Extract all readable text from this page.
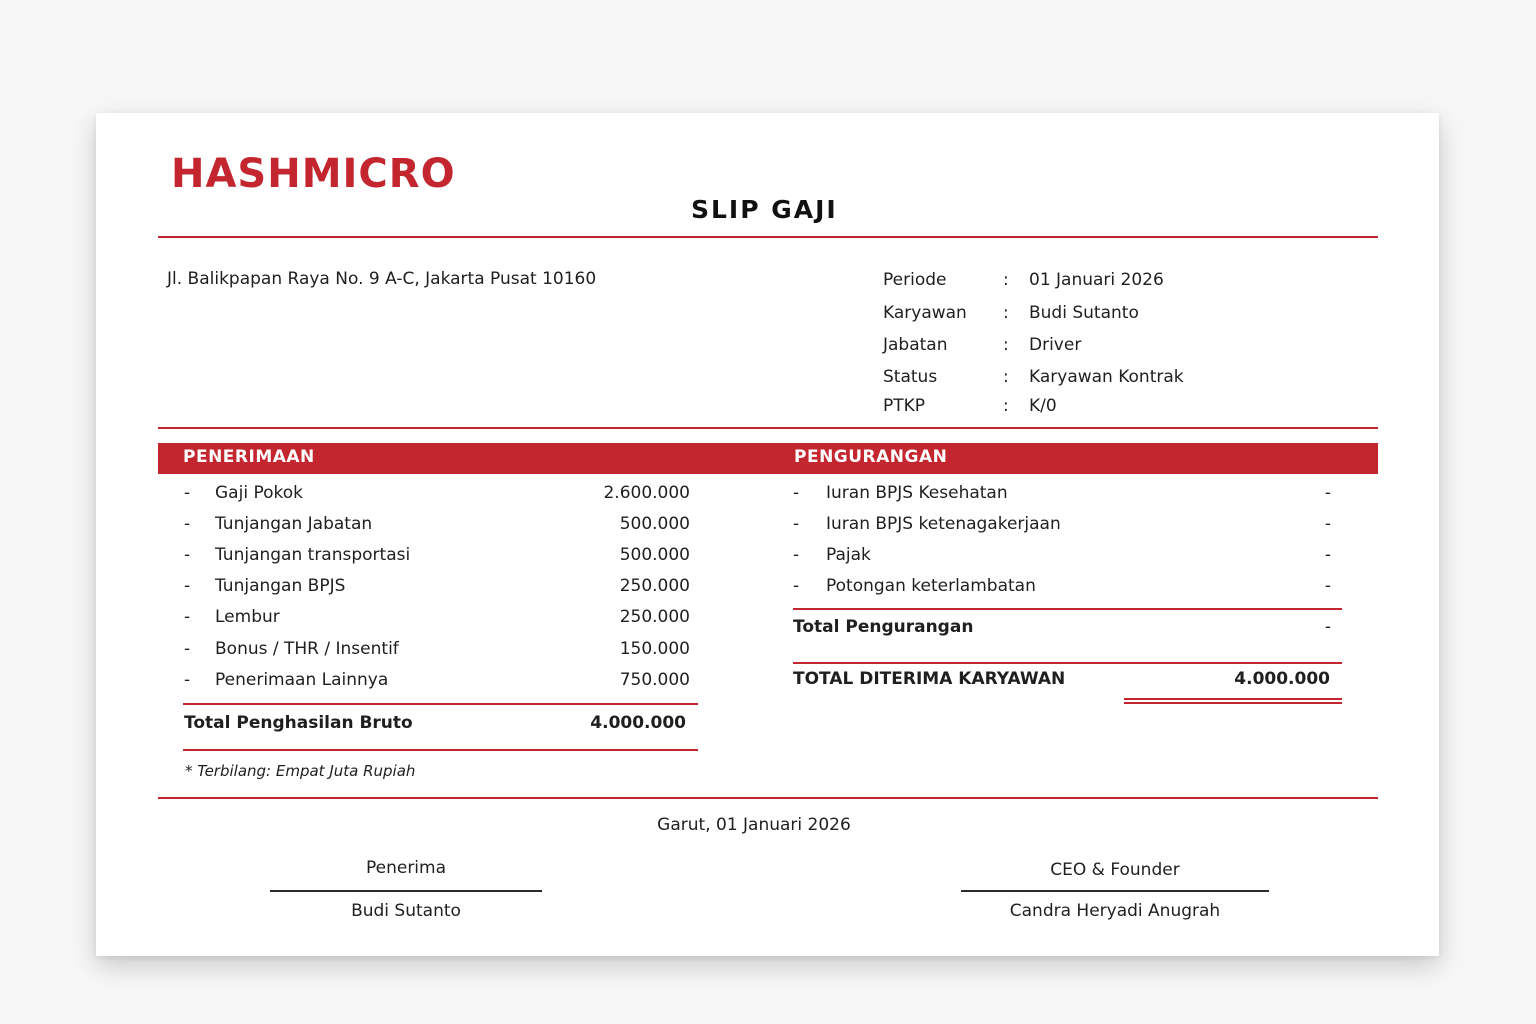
HASHMICRO
SLIP GAJI
Jl. Balikpapan Raya No. 9 A-C, Jakarta Pusat 10160	Periode	: 01 Januari 2026
Karyawan : Budi Sutanto
Jabatan	: Driver
Status	: Karyawan Kontrak
PTKP	: K/0
PENERIMAAN	PENGURANGAN
- Gaji Pokok	2.600.000
- Tunjangan Jabatan	500.000
- Tunjangan transportasi	500.000
- Tunjangan BPJS	250.000
- Lembur	250.000
- Bonus / THR / Insentif	150.000
- Penerimaan Lainnya	750.000
Total Penghasilan Bruto	4.000.000
* Terbilang: Empat Juta Rupiah
- Iuran BPJS Kesehatan	-
- Iuran BPJS ketenagakerjaan	-
- Pajak	-
- Potongan keterlambatan	-
Total Pengurangan	-
TOTAL DITERIMA KARYAWAN	4.000.000
Garut, 01 Januari 2026
Penerima
Budi Sutanto
CEO & Founder
Candra Heryadi Anugrah
